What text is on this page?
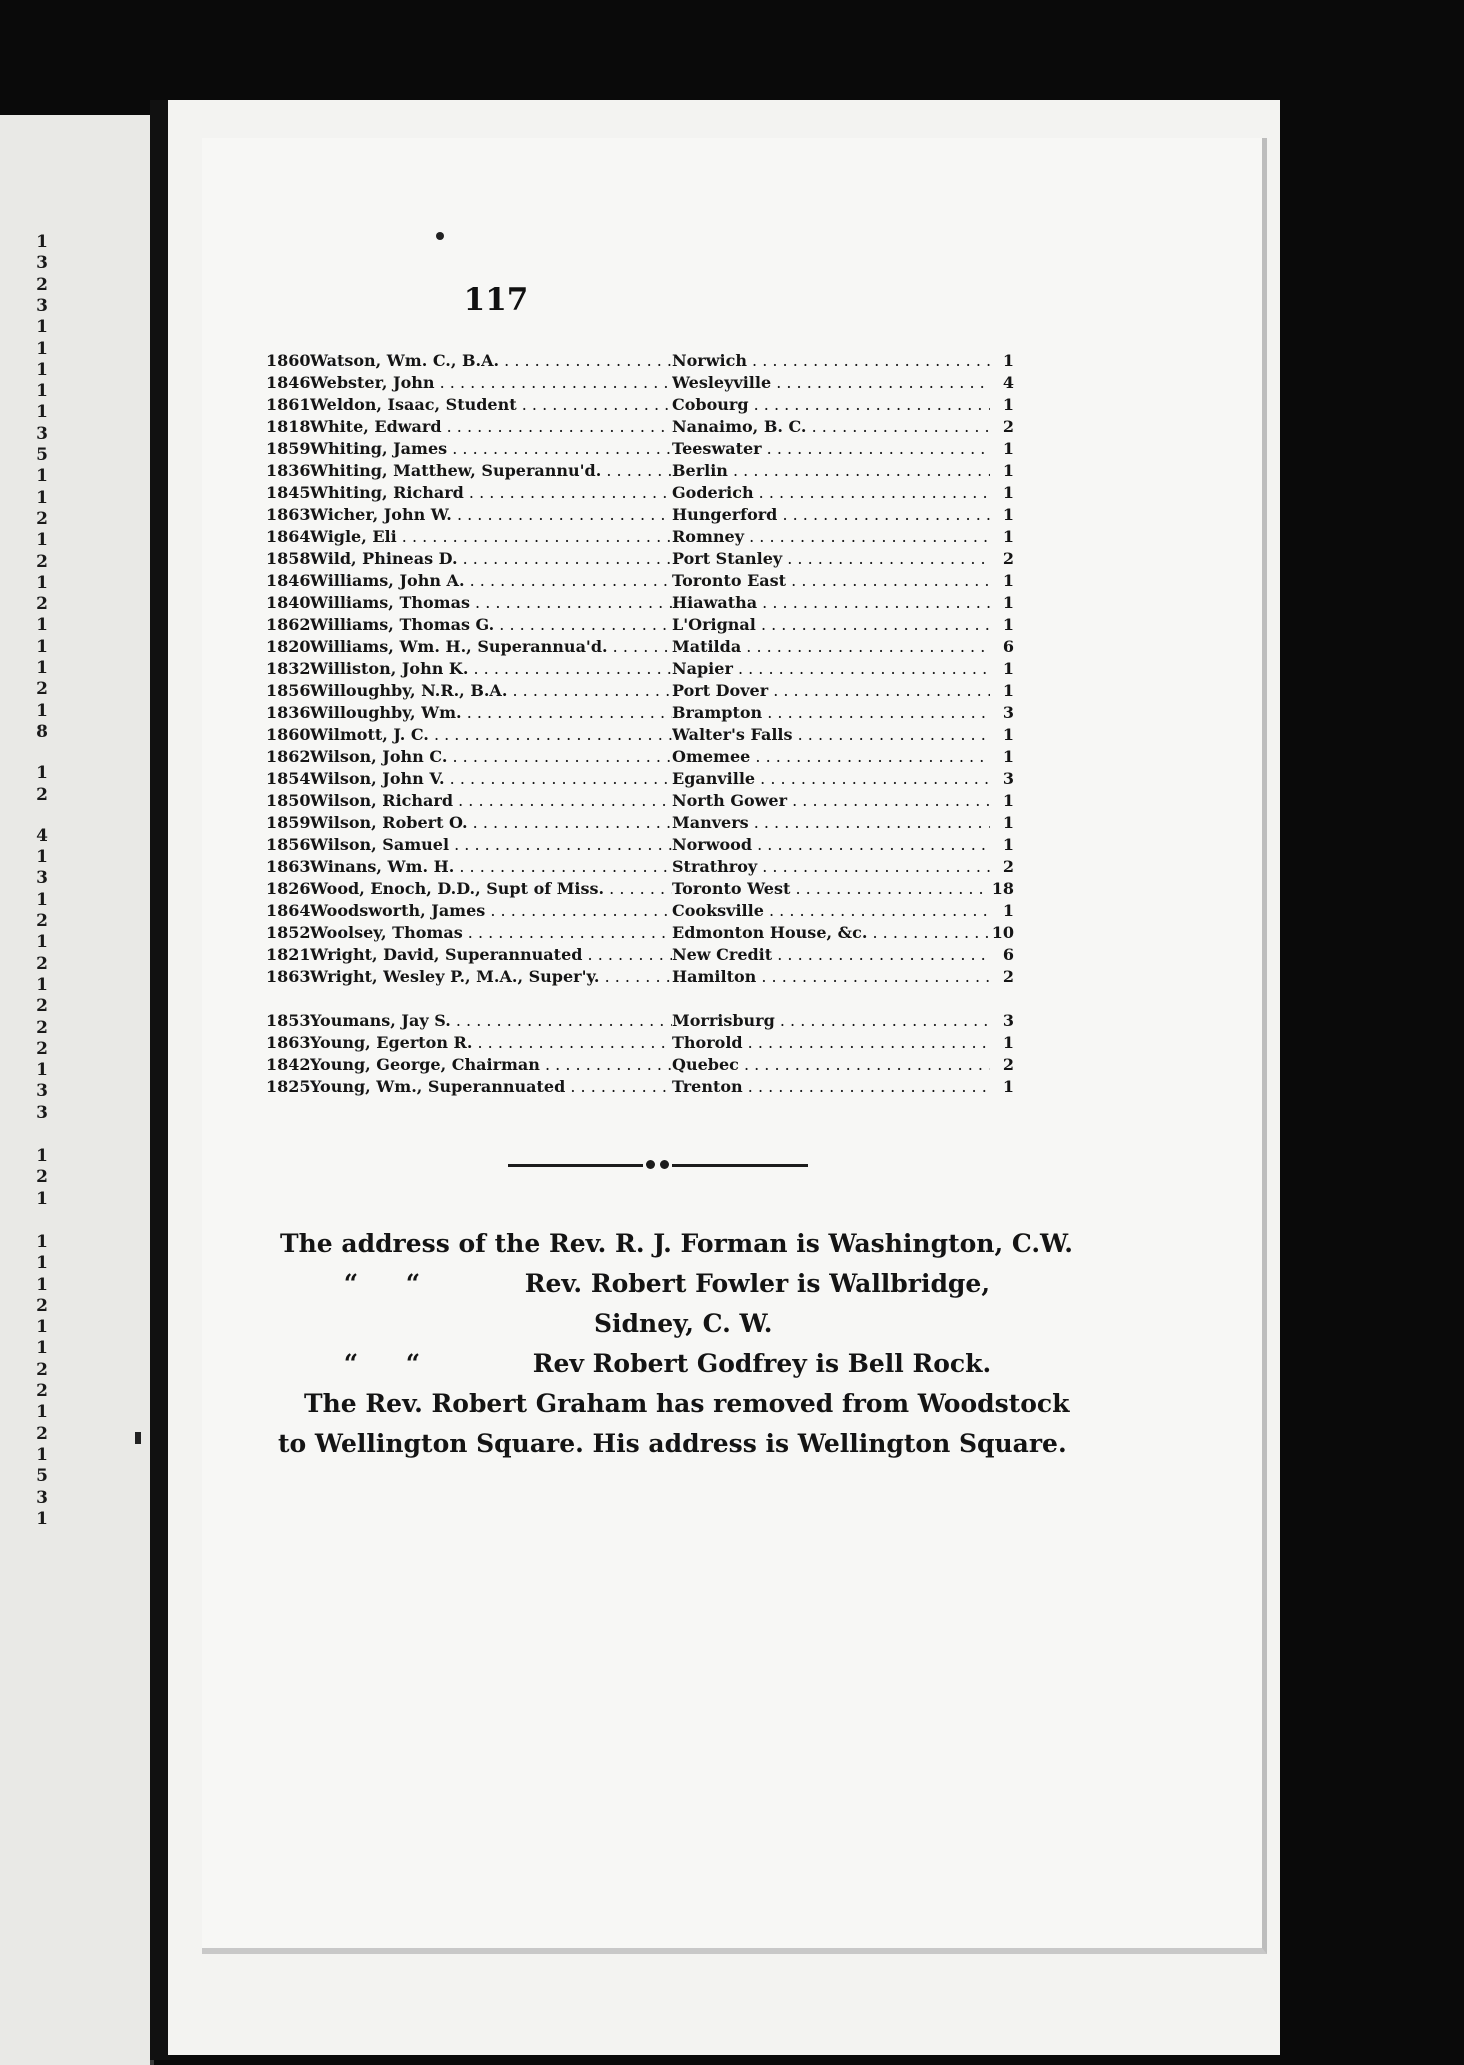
1
3
2
3
1
1
1
1
1
3
5
1
1
2
1
2
1
2
1
1
1
2
1
8
1
2
4
1
3
1
2
1
2
1
2
2
2
1
3
3
1
2
1
1
1
1
2
1
1
2
2
1
2
1
5
3
1
117
1860 Watson, Wm. C., B.A. . . .	Norwich . . .	1
1846 Webster, John . . .	Wesleyville . . .	4
1861 Weldon, Isaac, Student . . .	Cobourg . . .	1
1818 White, Edward . . .	Nanaimo, B. C. . . .	2
1859 Whiting, James . . .	Teeswater . . .	1
1836 Whiting, Matthew, Superannu'd. . . .	Berlin . . .	1
1845 Whiting, Richard . . .	Goderich . . .	1
1863 Wicher, John W. . . .	Hungerford . . .	1
1864 Wigle, Eli . . .	Romney . . .	1
1858 Wild, Phineas D. . . .	Port Stanley . . .	2
1846 Williams, John A. . . .	Toronto East . . .	1
1840 Williams, Thomas . . .	Hiawatha . . .	1
1862 Williams, Thomas G. . . .	L'Orignal . . .	1
1820 Williams, Wm. H., Superannua'd. . . .	Matilda . . .	6
1832 Williston, John K. . . .	Napier . . .	1
1856 Willoughby, N.R., B.A. . . .	Port Dover . . .	1
1836 Willoughby, Wm. . . .	Brampton . . .	3
1860 Wilmott, J. C. . . .	Walter's Falls . . .	1
1862 Wilson, John C. . . .	Omemee . . .	1
1854 Wilson, John V. . . .	Eganville . . .	3
1850 Wilson, Richard . . .	North Gower . . .	1
1859 Wilson, Robert O. . . .	Manvers . . .	1
1856 Wilson, Samuel . . .	Norwood . . .	1
1863 Winans, Wm. H. . . .	Strathroy . . .	2
1826 Wood, Enoch, D.D., Supt of Miss. . . .	Toronto West . . .	18
1864 Woodsworth, James . . .	Cooksville . . .	1
1852 Woolsey, Thomas . . .	Edmonton House, &c. . . .	10
1821 Wright, David, Superannuated . . .	New Credit . . .	6
1863 Wright, Wesley P., M.A., Super'y. . . .	Hamilton . . .	2
1853 Youmans, Jay S. . . .	Morrisburg . . .	3
1863 Young, Egerton R. . . .	Thorold . . .	1
1842 Young, George, Chairman . . .	Quebec . . .	2
1825 Young, Wm., Superannuated . . .	Trenton . . .	1
The address of the Rev. R. J. Forman is Washington, C.W.
“ “	Rev. Robert Fowler is Wallbridge,
Sidney, C. W.
“ “	Rev Robert Godfrey is Bell Rock.
The Rev. Robert Graham has removed from Woodstock
to Wellington Square. His address is Wellington Square.
